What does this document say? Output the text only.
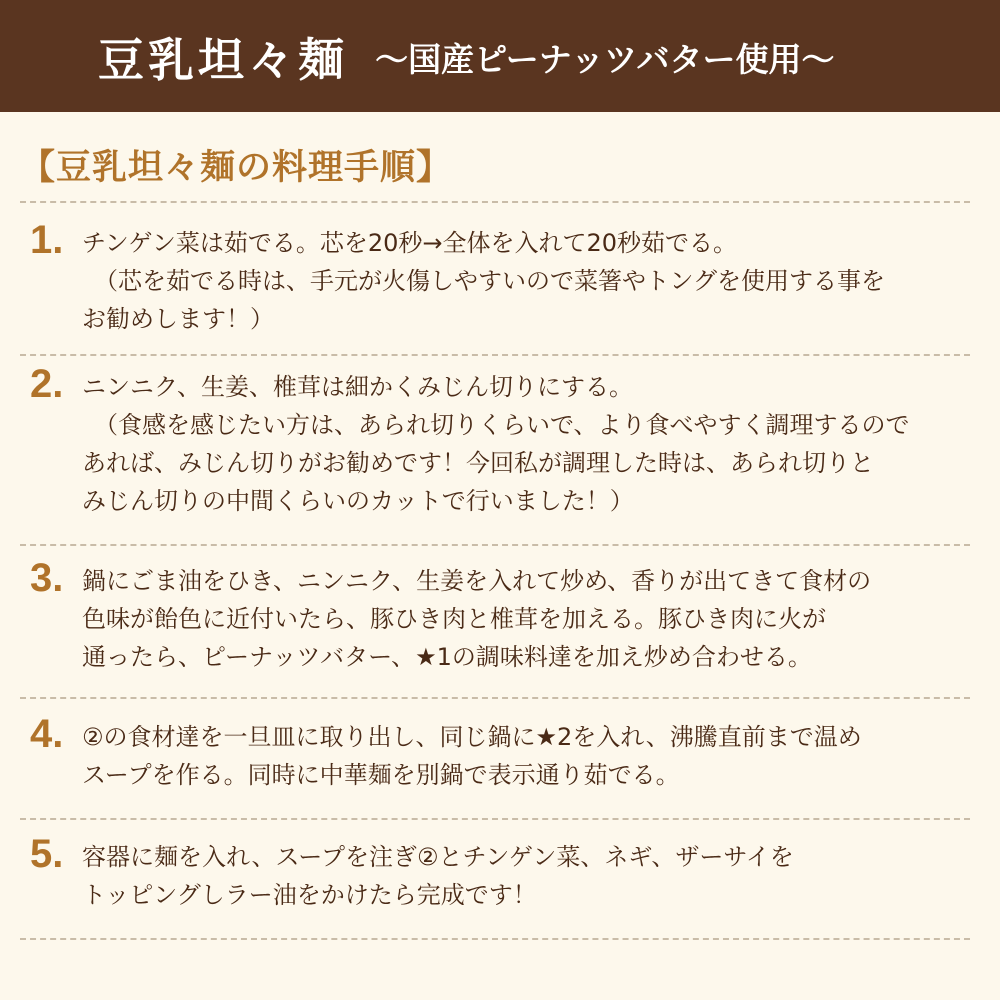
豆乳坦々麺 〜国産ピーナッツバター使用〜
【豆乳坦々麺の料理手順】
1. チンゲン菜は茹でる。芯を20秒→全体を入れて20秒茹でる。
（芯を茹でる時は、手元が火傷しやすいので菜箸やトングを使用する事を
お勧めします！）
2. ニンニク、生姜、椎茸は細かくみじん切りにする。
（食感を感じたい方は、あられ切りくらいで、より食べやすく調理するので
あれば、みじん切りがお勧めです！今回私が調理した時は、あられ切りと
みじん切りの中間くらいのカットで行いました！）
3. 鍋にごま油をひき、ニンニク、生姜を入れて炒め、香りが出てきて食材の
色味が飴色に近付いたら、豚ひき肉と椎茸を加える。豚ひき肉に火が
通ったら、ピーナッツバター、★1の調味料達を加え炒め合わせる。
4. ②の食材達を一旦皿に取り出し、同じ鍋に★2を入れ、沸騰直前まで温め
スープを作る。同時に中華麺を別鍋で表示通り茹でる。
5. 容器に麺を入れ、スープを注ぎ②とチンゲン菜、ネギ、ザーサイを
トッピングしラー油をかけたら完成です！
